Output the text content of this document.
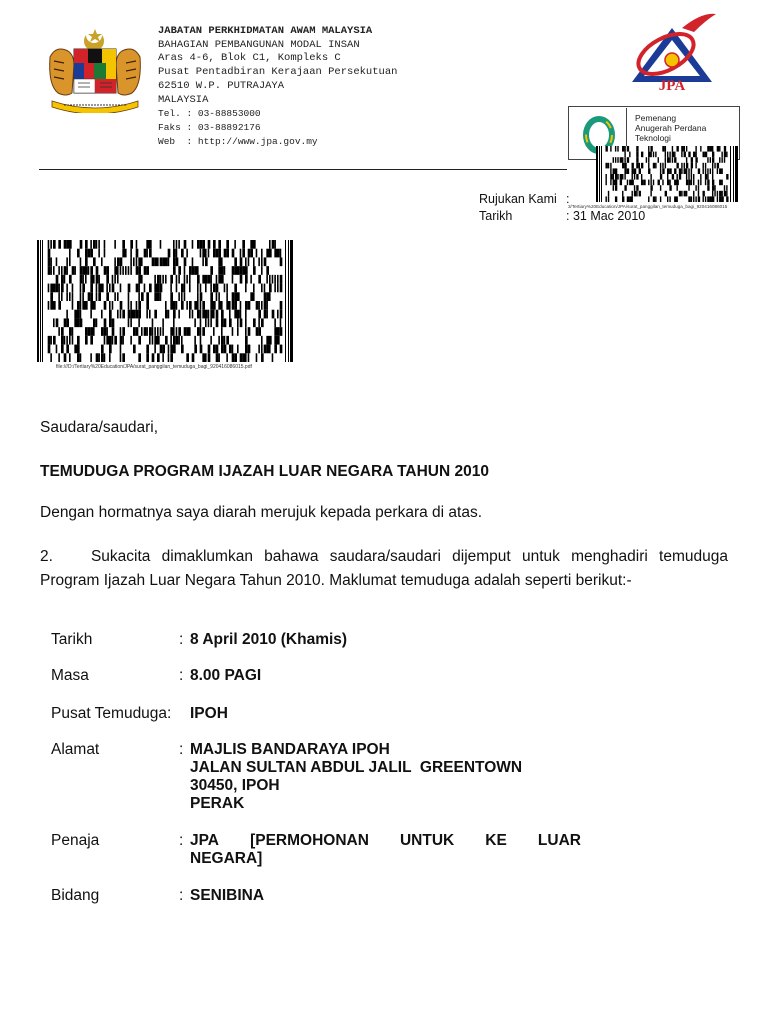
JABATAN PERKHIDMATAN AWAM MALAYSIA
BAHAGIAN PEMBANGUNAN MODAL INSAN
Aras 4-6, Blok C1, Kompleks C
Pusat Pentadbiran Kerajaan Persekutuan
62510 W.P. PUTRAJAYA
MALAYSIA
Tel. : 03-88853000
Faks : 03-88892176
Web  : http://www.jpa.gov.my
JPA
Pemenang
Anugerah Perdana
Teknologi
3/Tertiary%20Education/JPA/surat_panggilan_temuduga_bagi_920416086015
Rujukan Kami :
Tarikh	: 31 Mac 2010
file:///D:/Tertiary%20Education/JPA/surat_panggilan_temuduga_bagi_920416086015.pdf
Saudara/saudari,
TEMUDUGA PROGRAM IJAZAH LUAR NEGARA TAHUN 2010
Dengan hormatnya saya diarah merujuk kepada perkara di atas.
2. Sukacita dimaklumkan bahawa saudara/saudari dijemput untuk menghadiri temuduga
Program Ijazah Luar Negara Tahun 2010. Maklumat temuduga adalah seperti berikut:-
Tarikh	: 8 April 2010 (Khamis)
Masa	: 8.00 PAGI
Pusat Temuduga: IPOH
Alamat	: MAJLIS BANDARAYA IPOH
JALAN SULTAN ABDUL JALIL  GREENTOWN
30450, IPOH
PERAK
Penaja	: JPA [PERMOHONAN UNTUK KE LUAR
NEGARA]
Bidang	: SENIBINA
